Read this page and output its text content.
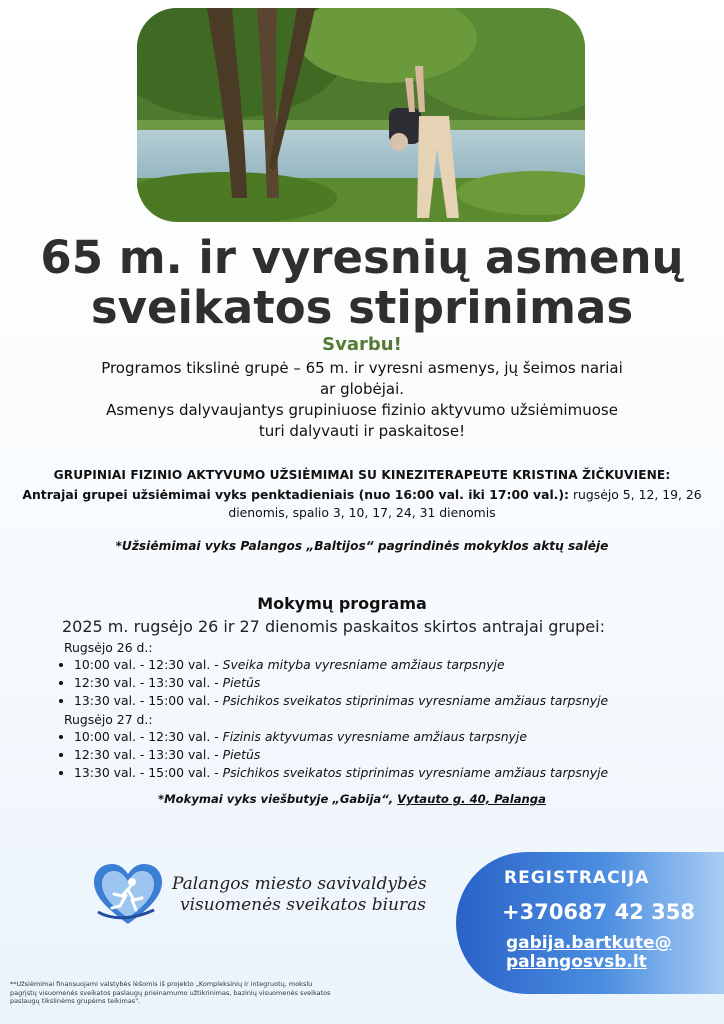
65 m. ir vyresnių asmenų
sveikatos stiprinimas
Svarbu!

Programos tikslinė grupė – 65 m. ir vyresni asmenys, jų šeimos nariai ar globėjai.

Asmenys dalyvaujantys grupiniuose fizinio aktyvumo užsiėmimuose turi dalyvauti ir paskaitose!

GRUPINIAI FIZINIO AKTYVUMO UŽSIĖMIMAI SU KINEZITERAPEUTE KRISTINA ŽIČKUVIENE:
Antrajai grupei užsiėmimai vyks penktadieniais (nuo 16:00 val. iki 17:00 val.): rugsėjo 5, 12, 19, 26 dienomis, spalio 3, 10, 17, 24, 31 dienomis
*Užsiėmimai vyks Palangos „Baltijos“ pagrindinės mokyklos aktų salėje
Mokymų programa
2025 m. rugsėjo 26 ir 27 dienomis paskaitos skirtos antrajai grupei:
Rugsėjo 26 d.:
• 10:00 val. - 12:30 val. - Sveika mityba vyresniame amžiaus tarpsnyje
• 12:30 val. - 13:30 val. - Pietūs
• 13:30 val. - 15:00 val. - Psichikos sveikatos stiprinimas vyresniame amžiaus tarpsnyje
Rugsėjo 27 d.:
• 10:00 val. - 12:30 val. - Fizinis aktyvumas vyresniame amžiaus tarpsnyje
• 12:30 val. - 13:30 val. - Pietūs
• 13:30 val. - 15:00 val. - Psichikos sveikatos stiprinimas vyresniame amžiaus tarpsnyje
*Mokymai vyks viešbutyje „Gabija“, Vytauto g. 40, Palanga
Palangos miesto savivaldybės
visuomenės sveikatos biuras
REGISTRACIJA
+370687 42 358
gabija.bartkute@
palangosvsb.lt
**Užsiėmimai finansuojami valstybės lėšomis iš projekto „Kompleksinių ir integruotų, mokslu pagrįstų visuomenės sveikatos paslaugų prieinamumo užtikrinimas, bazinių visuomenės sveikatos paslaugų tikslinėms grupėms teikimas".
